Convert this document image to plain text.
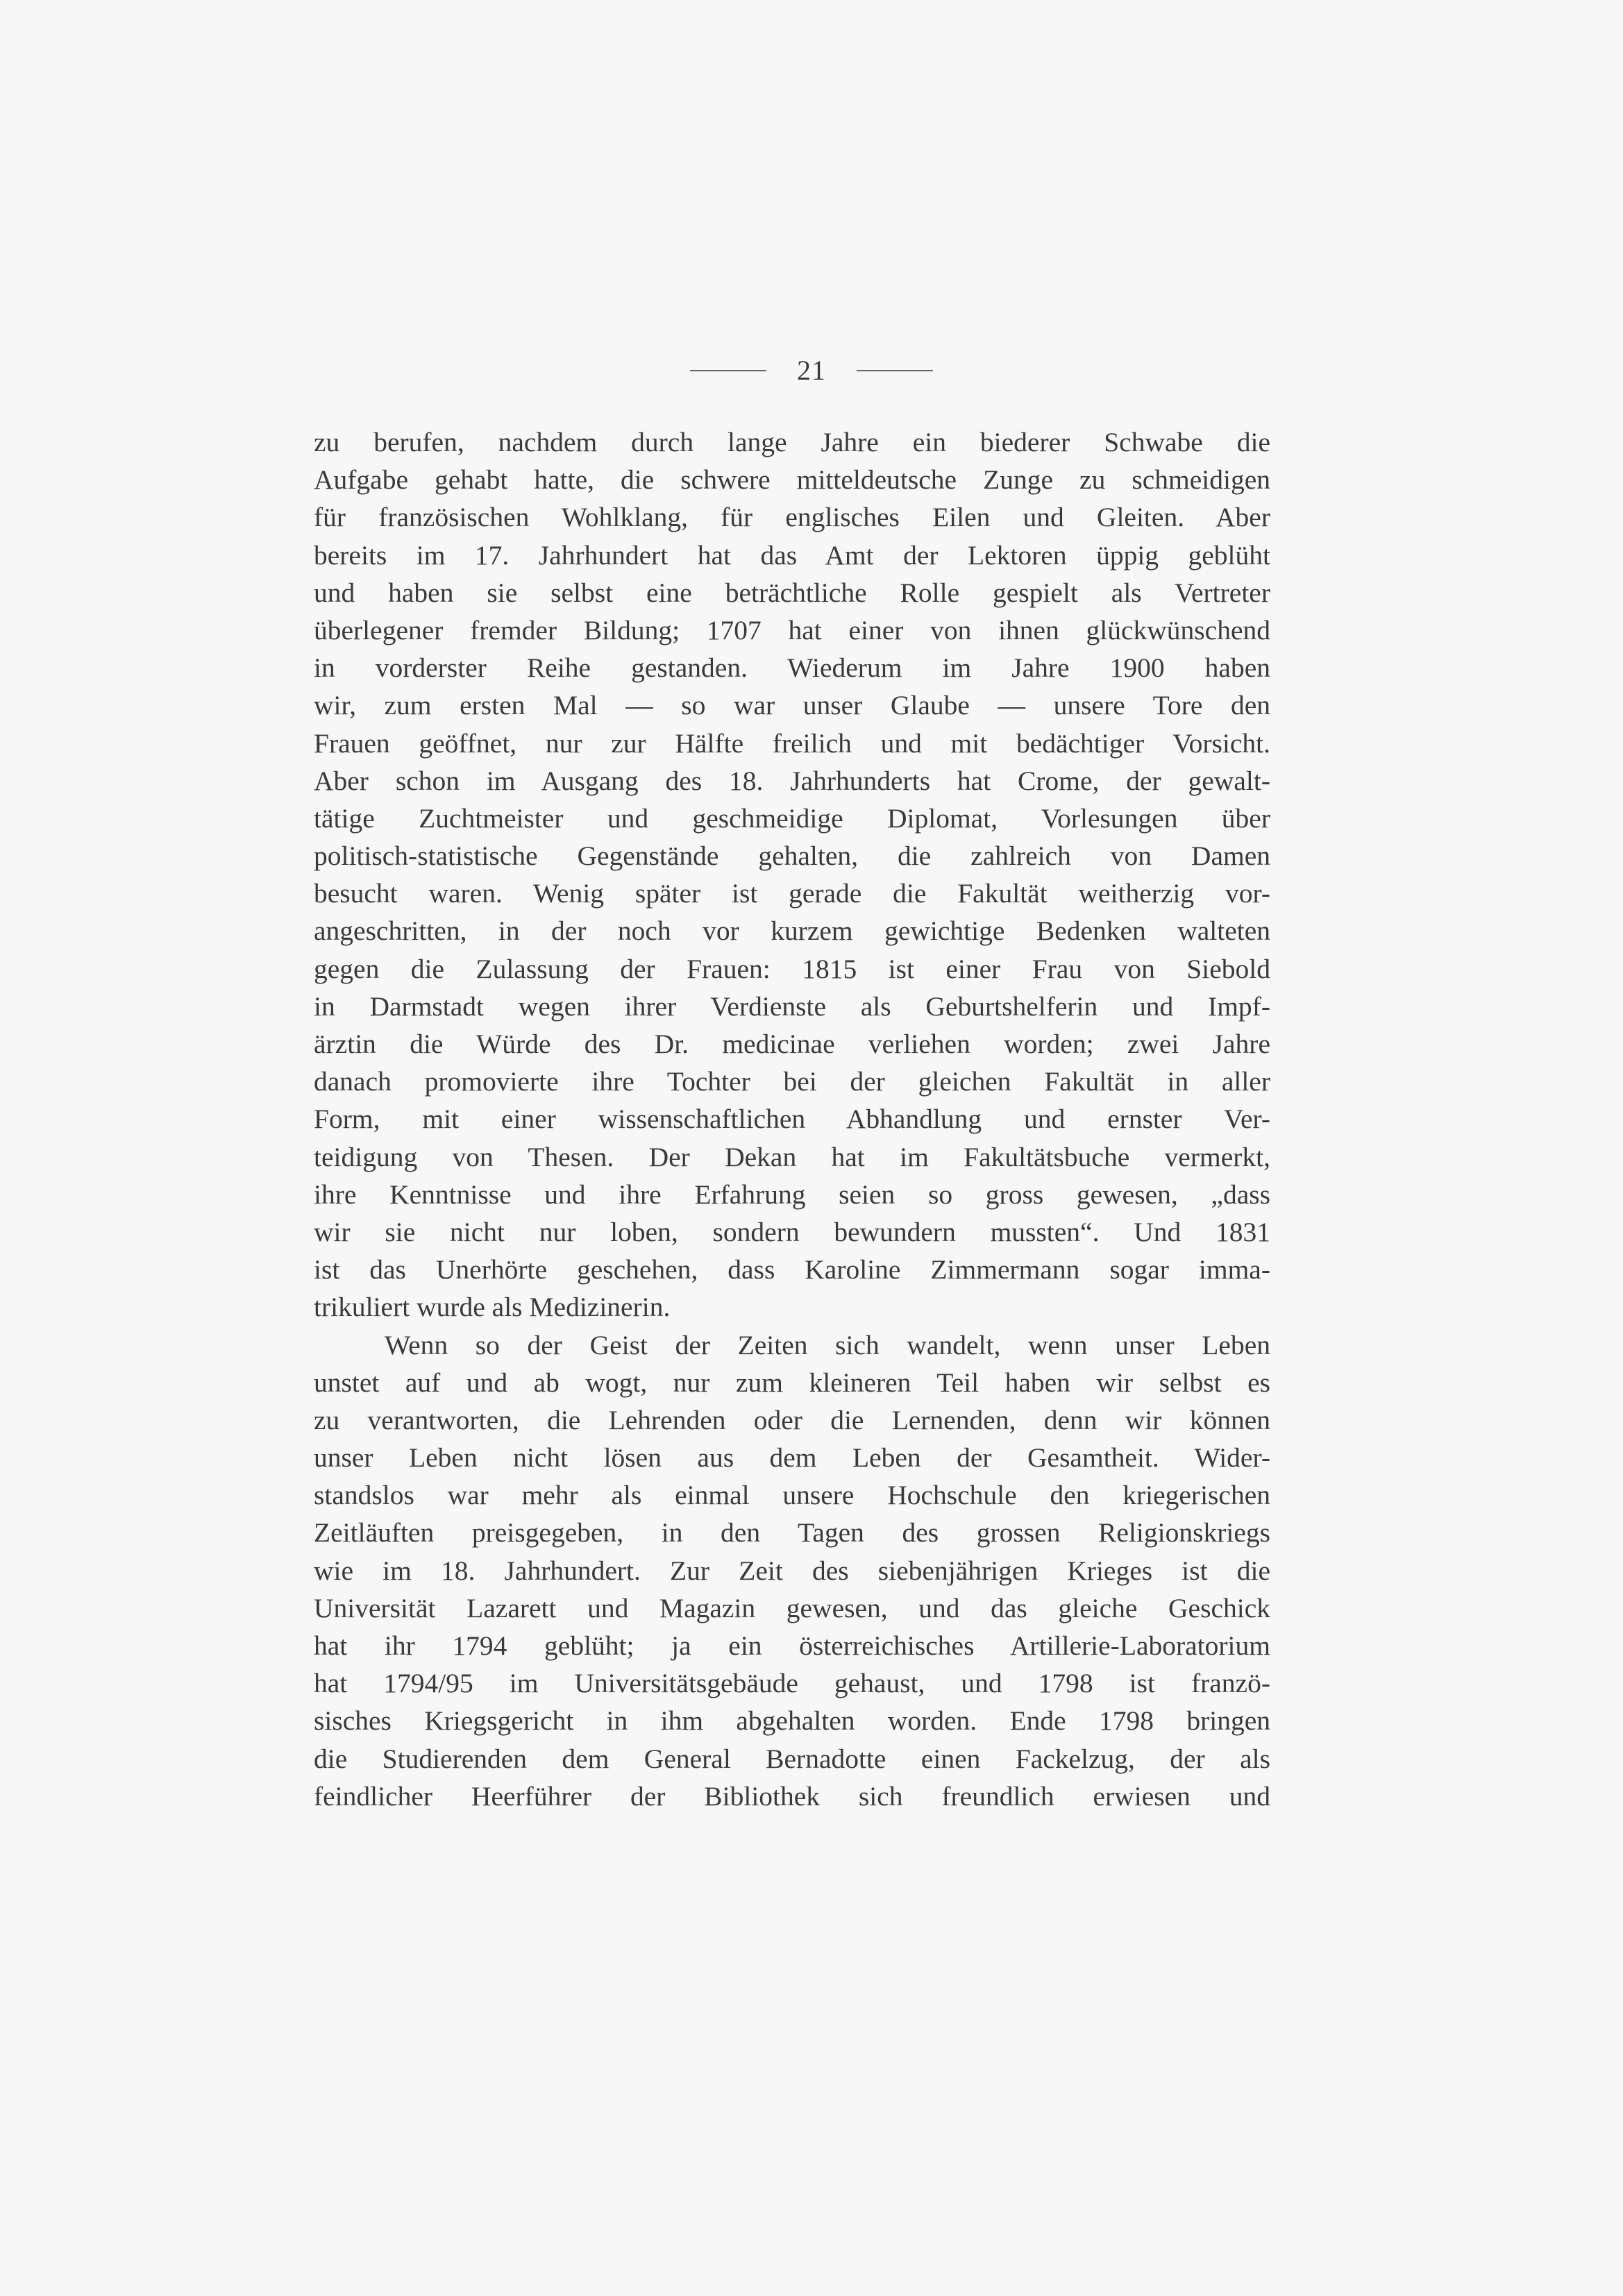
21
zu berufen, nachdem durch lange Jahre ein biederer Schwabe die
Aufgabe gehabt hatte, die schwere mitteldeutsche Zunge zu schmeidigen
für französischen Wohlklang, für englisches Eilen und Gleiten. Aber
bereits im 17. Jahrhundert hat das Amt der Lektoren üppig geblüht
und haben sie selbst eine beträchtliche Rolle gespielt als Vertreter
überlegener fremder Bildung; 1707 hat einer von ihnen glückwünschend
in vorderster Reihe gestanden. Wiederum im Jahre 1900 haben
wir, zum ersten Mal — so war unser Glaube — unsere Tore den
Frauen geöffnet, nur zur Hälfte freilich und mit bedächtiger Vorsicht.
Aber schon im Ausgang des 18. Jahrhunderts hat Crome, der gewalt-
tätige Zuchtmeister und geschmeidige Diplomat, Vorlesungen über
politisch-statistische Gegenstände gehalten, die zahlreich von Damen
besucht waren. Wenig später ist gerade die Fakultät weitherzig vor-
angeschritten, in der noch vor kurzem gewichtige Bedenken walteten
gegen die Zulassung der Frauen: 1815 ist einer Frau von Siebold
in Darmstadt wegen ihrer Verdienste als Geburtshelferin und Impf-
ärztin die Würde des Dr. medicinae verliehen worden; zwei Jahre
danach promovierte ihre Tochter bei der gleichen Fakultät in aller
Form, mit einer wissenschaftlichen Abhandlung und ernster Ver-
teidigung von Thesen. Der Dekan hat im Fakultätsbuche vermerkt,
ihre Kenntnisse und ihre Erfahrung seien so gross gewesen, „dass
wir sie nicht nur loben, sondern bewundern mussten“. Und 1831
ist das Unerhörte geschehen, dass Karoline Zimmermann sogar imma-
trikuliert wurde als Medizinerin.
Wenn so der Geist der Zeiten sich wandelt, wenn unser Leben
unstet auf und ab wogt, nur zum kleineren Teil haben wir selbst es
zu verantworten, die Lehrenden oder die Lernenden, denn wir können
unser Leben nicht lösen aus dem Leben der Gesamtheit. Wider-
standslos war mehr als einmal unsere Hochschule den kriegerischen
Zeitläuften preisgegeben, in den Tagen des grossen Religionskriegs
wie im 18. Jahrhundert. Zur Zeit des siebenjährigen Krieges ist die
Universität Lazarett und Magazin gewesen, und das gleiche Geschick
hat ihr 1794 geblüht; ja ein österreichisches Artillerie-Laboratorium
hat 1794/95 im Universitätsgebäude gehaust, und 1798 ist franzö-
sisches Kriegsgericht in ihm abgehalten worden. Ende 1798 bringen
die Studierenden dem General Bernadotte einen Fackelzug, der als
feindlicher Heerführer der Bibliothek sich freundlich erwiesen und
